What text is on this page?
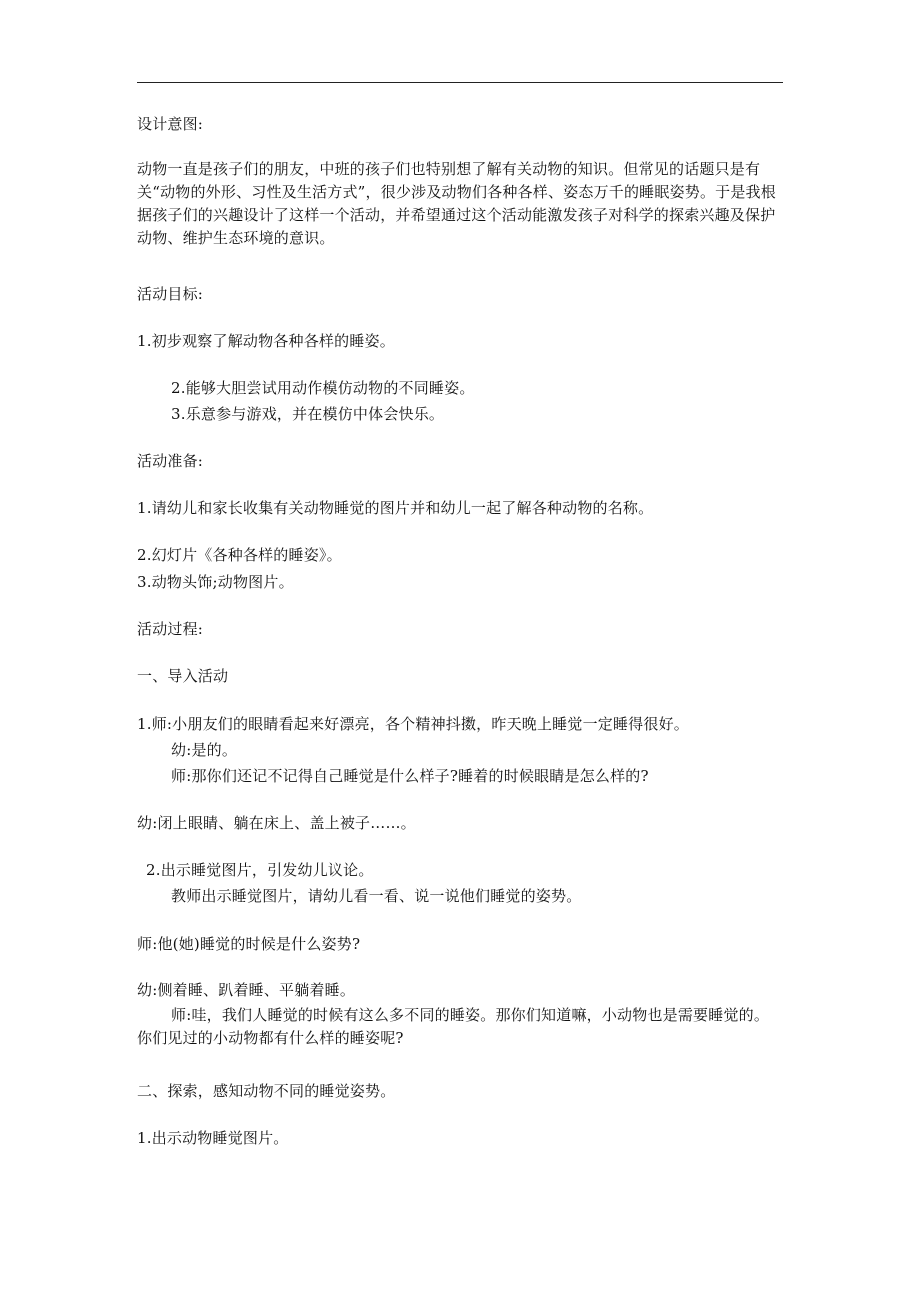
设计意图:
动物一直是孩子们的朋友，中班的孩子们也特别想了解有关动物的知识。但常见的话题只是有关“动物的外形、习性及生活方式”，很少涉及动物们各种各样、姿态万千的睡眠姿势。于是我根据孩子们的兴趣设计了这样一个活动，并希望通过这个活动能激发孩子对科学的探索兴趣及保护动物、维护生态环境的意识。
活动目标:
1.初步观察了解动物各种各样的睡姿。
2.能够大胆尝试用动作模仿动物的不同睡姿。
3.乐意参与游戏，并在模仿中体会快乐。
活动准备:
1.请幼儿和家长收集有关动物睡觉的图片并和幼儿一起了解各种动物的名称。
2.幻灯片《各种各样的睡姿》。
3.动物头饰;动物图片。
活动过程:
一、导入活动
1.师:小朋友们的眼睛看起来好漂亮，各个精神抖擞，昨天晚上睡觉一定睡得很好。
幼:是的。
师:那你们还记不记得自己睡觉是什么样子?睡着的时候眼睛是怎么样的?
幼:闭上眼睛、躺在床上、盖上被子……。
2.出示睡觉图片，引发幼儿议论。
教师出示睡觉图片，请幼儿看一看、说一说他们睡觉的姿势。
师:他(她)睡觉的时候是什么姿势?
幼:侧着睡、趴着睡、平躺着睡。
师:哇，我们人睡觉的时候有这么多不同的睡姿。那你们知道嘛，小动物也是需要睡觉的。你们见过的小动物都有什么样的睡姿呢?
二、探索，感知动物不同的睡觉姿势。
1.出示动物睡觉图片。
